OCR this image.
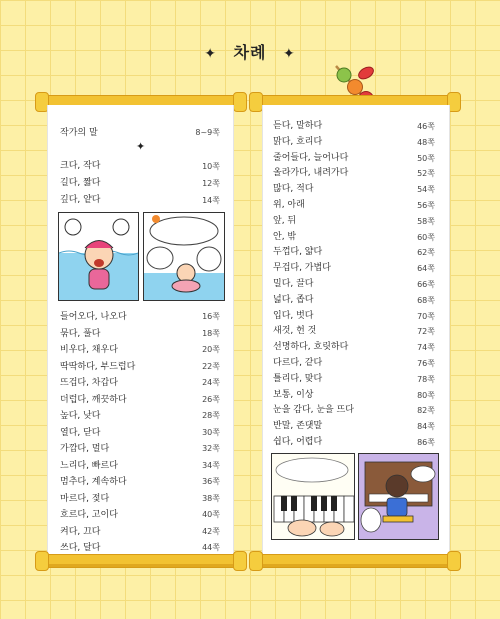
✦ 차례 ✦
작가의 말	8~9쪽
✦
크다, 작다	10쪽
길다, 짧다	12쪽
깊다, 얕다	14쪽
들어오다, 나오다	16쪽
묶다, 풀다	18쪽
비우다, 채우다	20쪽
딱딱하다, 부드럽다	22쪽
뜨겁다, 차갑다	24쪽
더럽다, 깨끗하다	26쪽
높다, 낮다	28쪽
열다, 닫다	30쪽
가깝다, 멀다	32쪽
느리다, 빠르다	34쪽
멈추다, 계속하다	36쪽
마르다, 젖다	38쪽
흐르다, 고이다	40쪽
켜다, 끄다	42쪽
쓰다, 달다	44쪽
듣다, 말하다	46쪽
맑다, 흐리다	48쪽
줄어들다, 늘어나다	50쪽
올라가다, 내려가다	52쪽
많다, 적다	54쪽
위, 아래	56쪽
앞, 뒤	58쪽
안, 밖	60쪽
두껍다, 얇다	62쪽
무겁다, 가볍다	64쪽
밀다, 끌다	66쪽
넓다, 좁다	68쪽
입다, 벗다	70쪽
새것, 헌 것	72쪽
선명하다, 흐릿하다	74쪽
다르다, 같다	76쪽
틀리다, 맞다	78쪽
보통, 이상	80쪽
눈을 감다, 눈을 뜨다	82쪽
반말, 존댓말	84쪽
쉽다, 어렵다	86쪽
